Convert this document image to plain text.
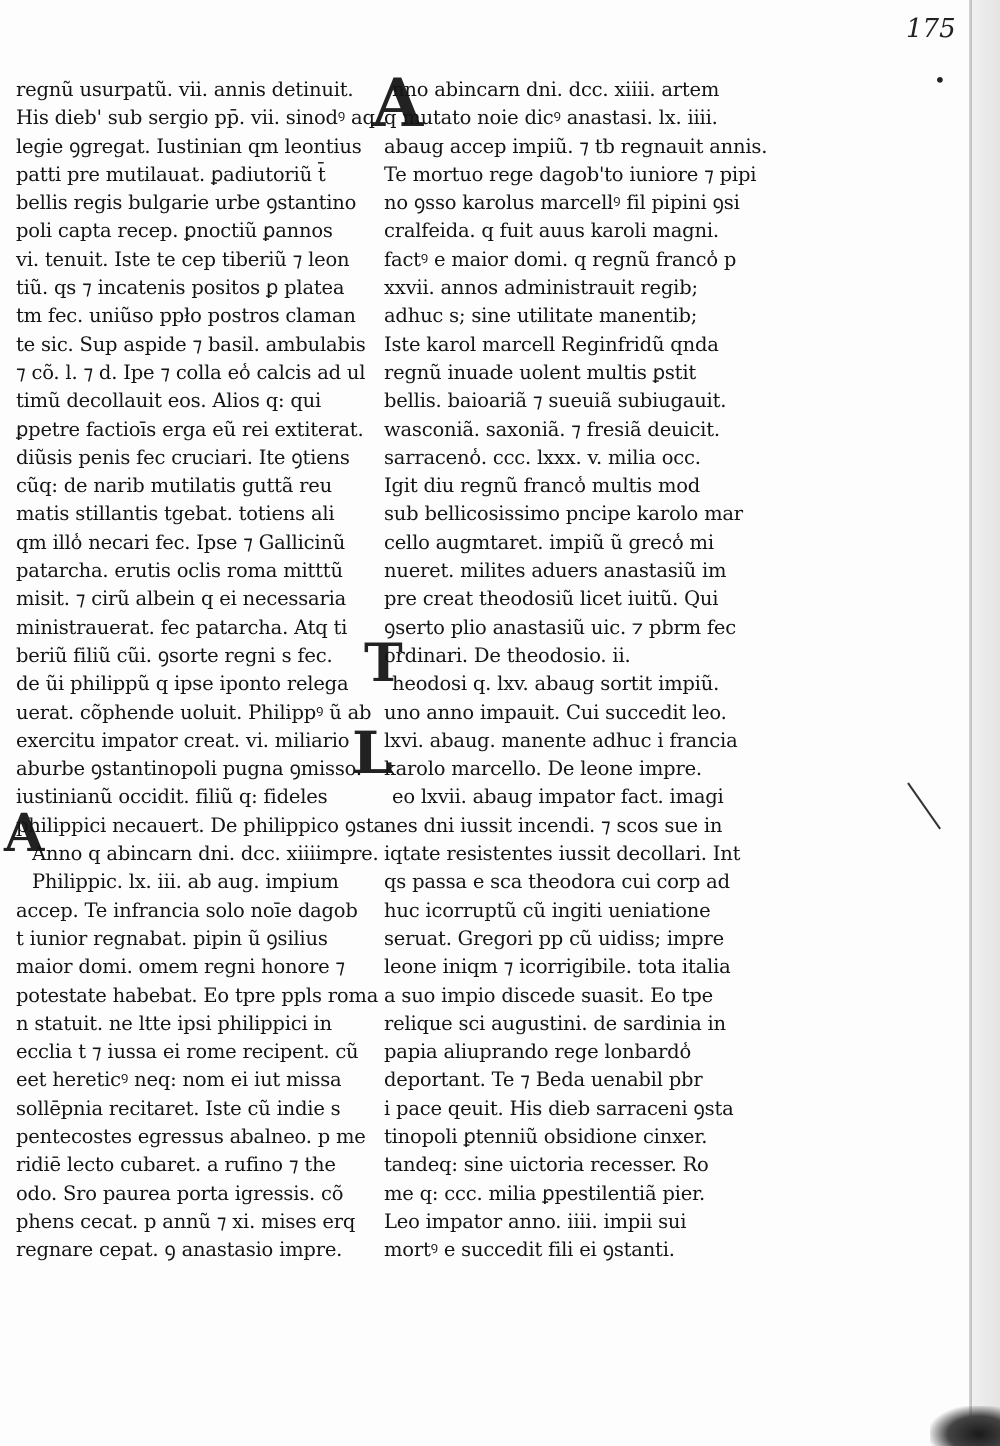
175
•
A
T
L
A
regnũ usurpatũ. vii. annis detinuit.
His dieb' sub sergio pp̄. vii. sinodꝰ aq
legie ꝯgregat. Iustinian qm leontius
patti pre mutilauat. ꝑadiutoriũ t̄
bellis regis bulgarie urbe ꝯstantino
poli capta recep. ꝑnoctiũ ꝑannos
vi. tenuit. Iste te cep tiberiũ ⁊ leon
tiũ. qs ⁊ incatenis positos ꝑ platea
tm fec. uniũso ppło postros claman
te sic. Sup aspide ⁊ basil. ambulabis
⁊ cõ. l. ⁊ d. Ipe ⁊ colla eo̾ calcis ad ul
timũ decollauit eos. Alios q: qui
ꝑpetre factioīs erga eũ rei extiterat.
diũsis penis fec cruciari. Ite ꝯtiens
cũq: de narib mutilatis guttã reu
matis stillantis tgebat. totiens ali
qm illo̾ necari fec. Ipse ⁊ Gallicinũ
patarcha. erutis oclis roma mitttũ
misit. ⁊ cirũ albein q ei necessaria
ministrauerat. fec patarcha. Atq ti
beriũ filiũ cũi. ꝯsorte regni s fec.
de ũi philippũ q ipse iponto relega
uerat. cõphende uoluit. Philippꝰ ũ ab
exercitu impator creat. vi. miliario
aburbe ꝯstantinopoli pugna ꝯmisso.
iustinianũ occidit. filiũ q: fideles
philippici necauert. De philippico ꝯsta.
Anno q abincarn dni. dcc. xiiiimpre.
Philippic. lx. iii. ab aug. impium
accep. Te infrancia solo noīe dagob
t iunior regnabat. pipin ũ ꝯsilius
maior domi. omem regni honore ⁊
potestate habebat. Eo tpre ppls roma
n statuit. ne ltte ipsi philippici in
ecclia t ⁊ iussa ei rome recipent. cũ
eet hereticꝰ neq: nom ei iut missa
sollēpnia recitaret. Iste cũ indie s
pentecostes egressus abalneo. p me
ridiē lecto cubaret. a rufino ⁊ the
odo. Sro paurea porta igressis. cõ
phens cecat. p annũ ⁊ xi. mises erq
regnare cepat. ꝯ anastasio impre.
nno abincarn dni. dcc. xiiii. artem
q mutato noie dicꝰ anastasi. lx. iiii.
abaug accep impiũ. ⁊ tb regnauit annis.
Te mortuo rege dagob'to iuniore ⁊ pipi
no ꝯsso karolus marcellꝰ fil pipini ꝯsi
cralfeida. q fuit auus karoli magni.
factꝰ e maior domi. q regnũ franco̾ p
xxvii. annos administrauit regib;
adhuc s; sine utilitate manentib;
Iste karol marcell Reginfridũ qnda
regnũ inuade uolent multis ꝑstit
bellis. baioariã ⁊ sueuiã subiugauit.
wasconiã. saxoniã. ⁊ fresiã deuicit.
sarraceno̾. ccc. lxxx. v. milia occ.
Igit diu regnũ franco̾ multis mod
sub bellicosissimo pncipe karolo mar
cello augmtaret. impiũ ũ greco̾ mi
nueret. milites aduers anastasiũ im
pre creat theodosiũ licet iuitũ. Qui
ꝯserto plio anastasiũ uic. ⁊ pbrm fec
ordinari. De theodosio. ii.
heodosi q. lxv. abaug sortit impiũ.
uno anno impauit. Cui succedit leo.
lxvi. abaug. manente adhuc i francia
karolo marcello. De leone impre.
eo lxvii. abaug impator fact. imagi
nes dni iussit incendi. ⁊ scos sue in
iqtate resistentes iussit decollari. Int
qs passa e sca theodora cui corp ad
huc icorruptũ cũ ingiti ueniatione
seruat. Gregori pp cũ uidiss; impre
leone iniqm ⁊ icorrigibile. tota italia
a suo impio discede suasit. Eo tpe
relique sci augustini. de sardinia in
papia aliuprando rege lonbardo̾
deportant. Te ⁊ Beda uenabil pbr
i pace qeuit. His dieb sarraceni ꝯsta
tinopoli ꝑtenniũ obsidione cinxer.
tandeq: sine uictoria recesser. Ro
me q: ccc. milia ꝑpestilentiã pier.
Leo impator anno. iiii. impii sui
mortꝰ e succedit fili ei ꝯstanti.
